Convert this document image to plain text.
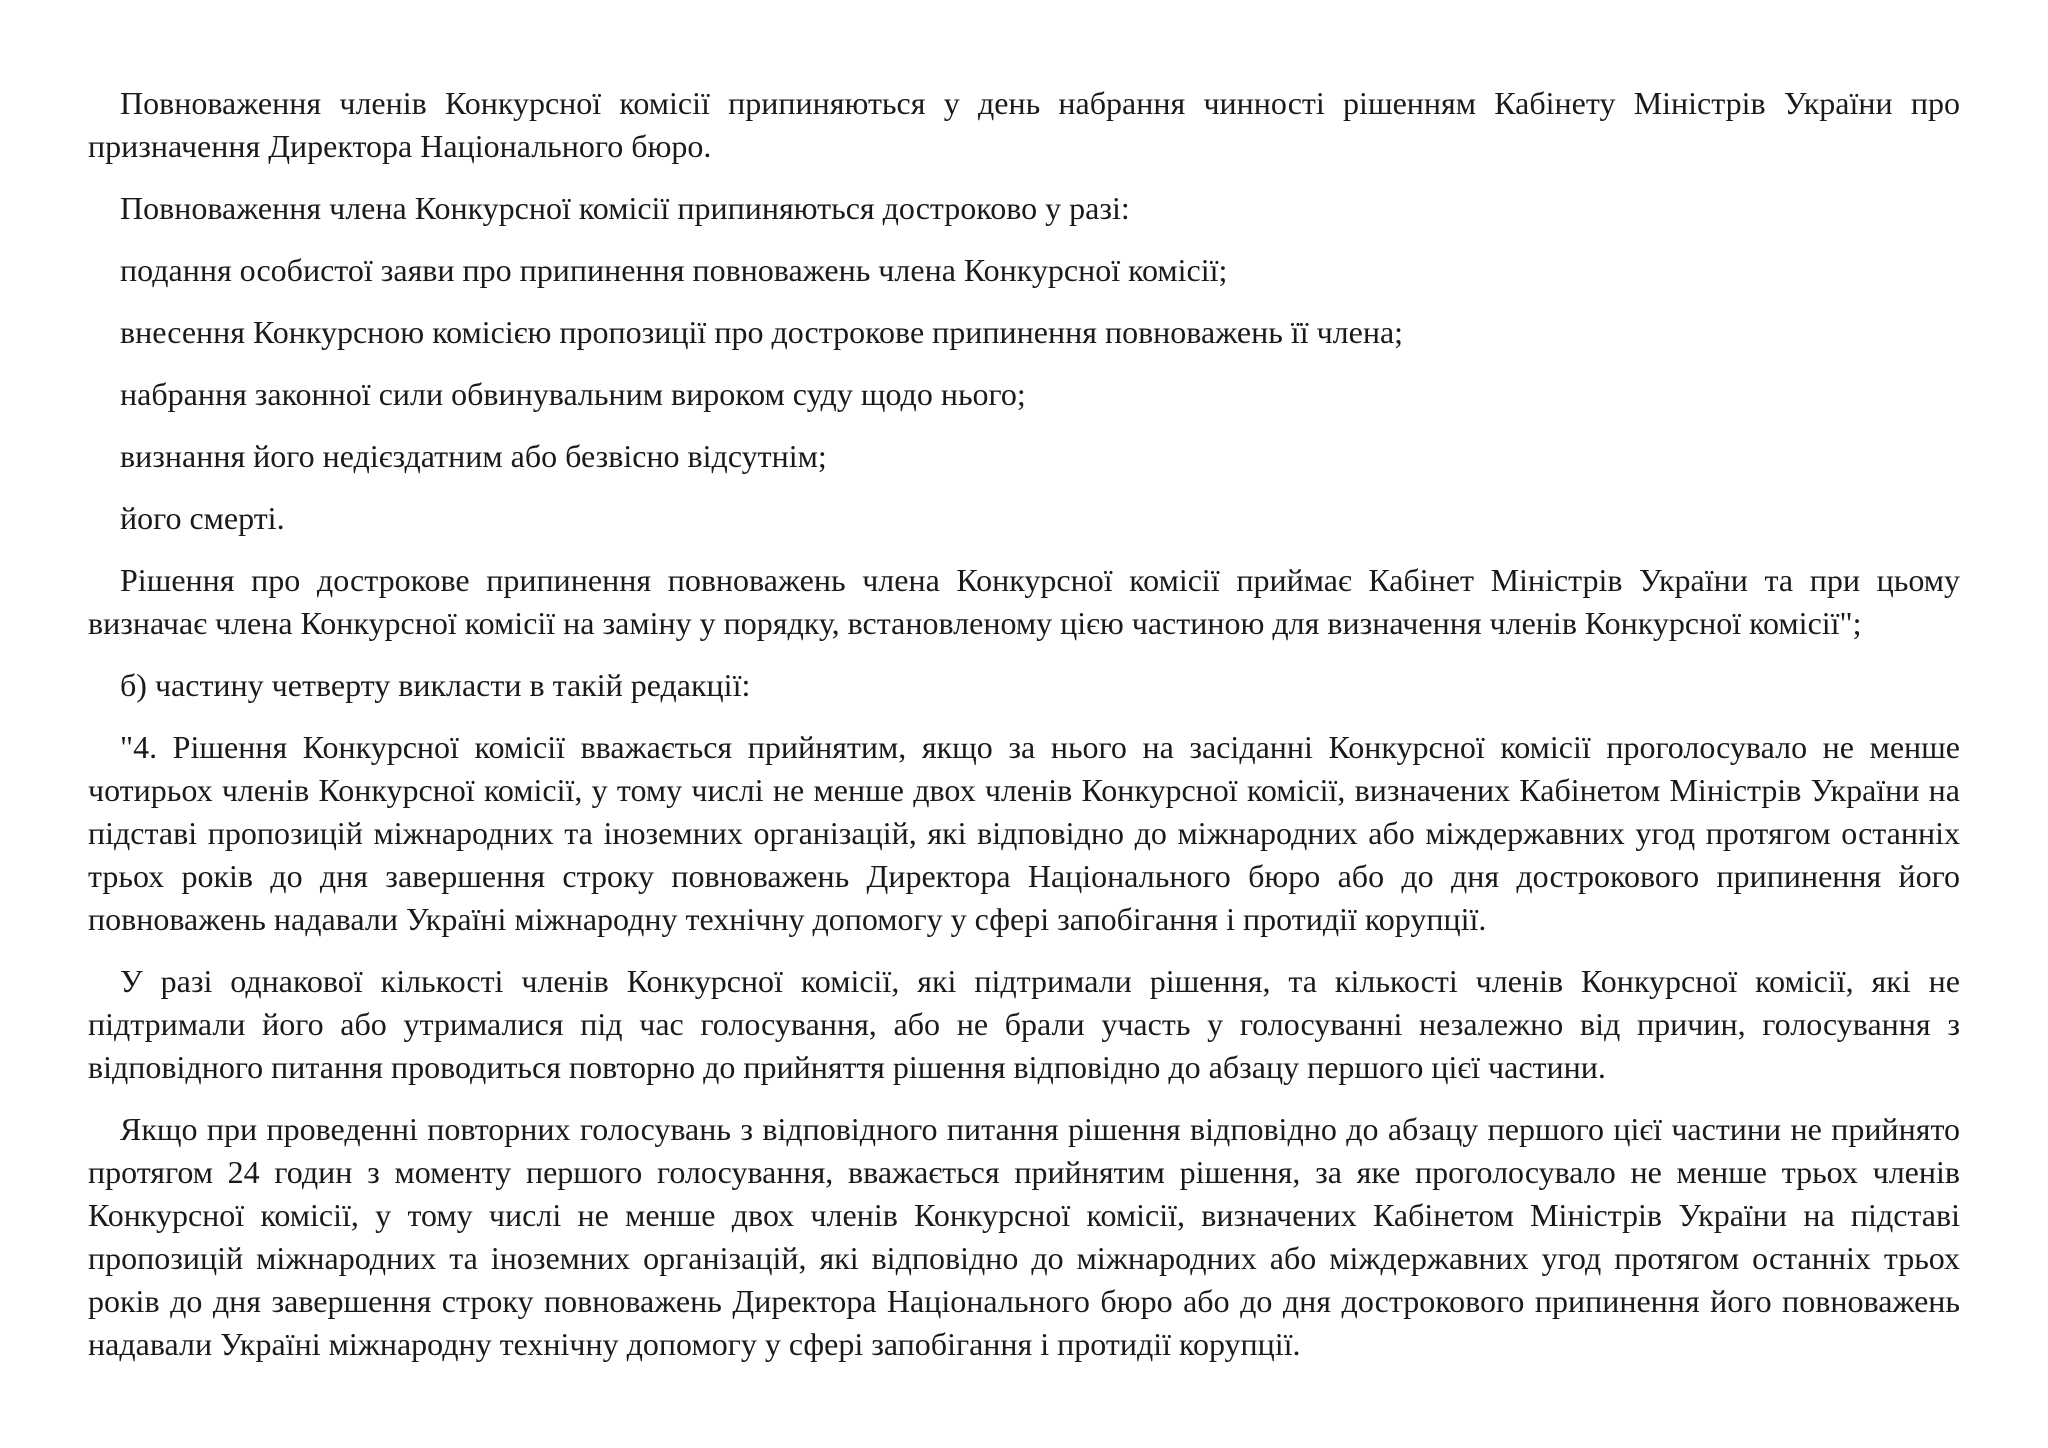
Повноваження членів Конкурсної комісії припиняються у день набрання чинності рішенням Кабінету Міністрів України про призначення Директора Національного бюро.

Повноваження члена Конкурсної комісії припиняються достроково у разі:

подання особистої заяви про припинення повноважень члена Конкурсної комісії;

внесення Конкурсною комісією пропозиції про дострокове припинення повноважень її члена;

набрання законної сили обвинувальним вироком суду щодо нього;

визнання його недієздатним або безвісно відсутнім;

його смерті.

Рішення про дострокове припинення повноважень члена Конкурсної комісії приймає Кабінет Міністрів України та при цьому визначає члена Конкурсної комісії на заміну у порядку, встановленому цією частиною для визначення членів Конкурсної комісії";

б) частину четверту викласти в такій редакції:

"4. Рішення Конкурсної комісії вважається прийнятим, якщо за нього на засіданні Конкурсної комісії проголосувало не менше чотирьох членів Конкурсної комісії, у тому числі не менше двох членів Конкурсної комісії, визначених Кабінетом Міністрів України на підставі пропозицій міжнародних та іноземних організацій, які відповідно до міжнародних або міждержавних угод протягом останніх трьох років до дня завершення строку повноважень Директора Національного бюро або до дня дострокового припинення його повноважень надавали Україні міжнародну технічну допомогу у сфері запобігання і протидії корупції.

У разі однакової кількості членів Конкурсної комісії, які підтримали рішення, та кількості членів Конкурсної комісії, які не підтримали його або утрималися під час голосування, або не брали участь у голосуванні незалежно від причин, голосування з відповідного питання проводиться повторно до прийняття рішення відповідно до абзацу першого цієї частини.

Якщо при проведенні повторних голосувань з відповідного питання рішення відповідно до абзацу першого цієї частини не прийнято протягом 24 годин з моменту першого голосування, вважається прийнятим рішення, за яке проголосувало не менше трьох членів Конкурсної комісії, у тому числі не менше двох членів Конкурсної комісії, визначених Кабінетом Міністрів України на підставі пропозицій міжнародних та іноземних організацій, які відповідно до міжнародних або міждержавних угод протягом останніх трьох років до дня завершення строку повноважень Директора Національного бюро або до дня дострокового припинення його повноважень надавали Україні міжнародну технічну допомогу у сфері запобігання і протидії корупції.
